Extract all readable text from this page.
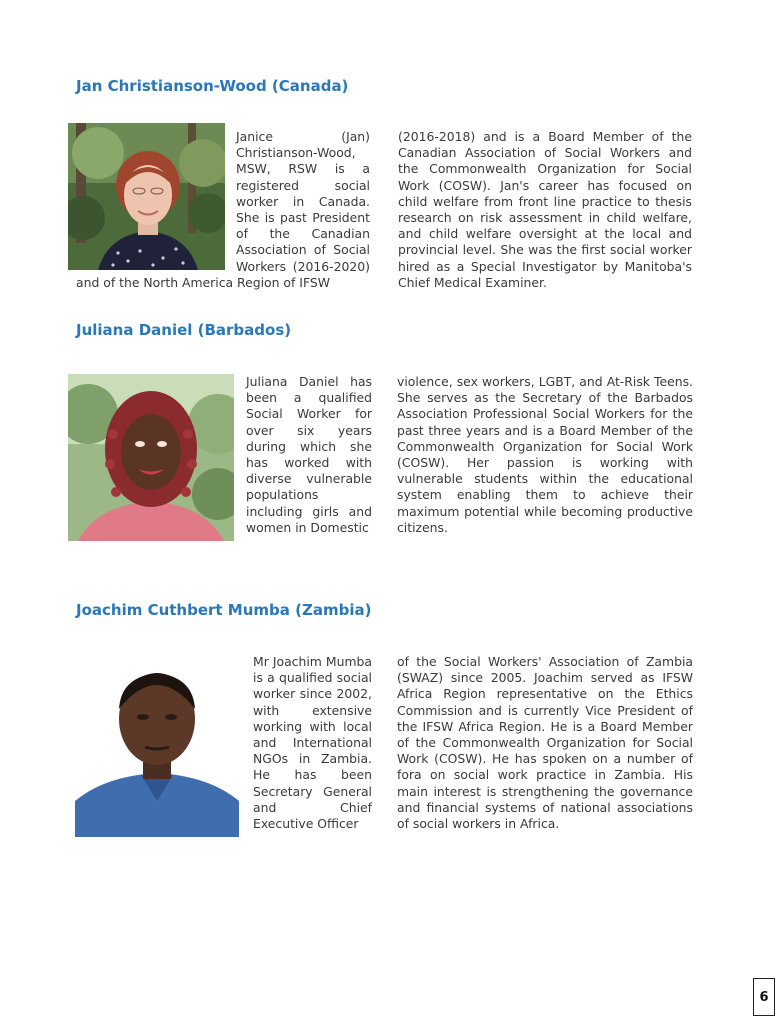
Jan Christianson-Wood (Canada)
Janice (Jan) Christianson-Wood, MSW, RSW is a registered social worker in Canada. She is past President of the Canadian Association of Social Workers (2016-2020) and of the North America Region of IFSW

(2016-2018) and is a Board Member of the Canadian Association of Social Workers and the Commonwealth Organization for Social Work (COSW). Jan's career has focused on child welfare from front line practice to thesis research on risk assessment in child welfare, and child welfare oversight at the local and provincial level. She was the first social worker hired as a Special Investigator by Manitoba's Chief Medical Examiner.

Juliana Daniel (Barbados)
Juliana Daniel has been a qualified Social Worker for over six years during which she has worked with diverse vulnerable populations including girls and women in Domestic

violence, sex workers, LGBT, and At-Risk Teens. She serves as the Secretary of the Barbados Association Professional Social Workers for the past three years and is a Board Member of the Commonwealth Organization for Social Work (COSW). Her passion is working with vulnerable students within the educational system enabling them to achieve their maximum potential while becoming productive citizens.

Joachim Cuthbert Mumba (Zambia)
Mr Joachim Mumba is a qualified social worker since 2002, with extensive working with local and International NGOs in Zambia. He has been Secretary General and Chief Executive Officer

of the Social Workers' Association of Zambia (SWAZ) since 2005. Joachim served as IFSW Africa Region representative on the Ethics Commission and is currently Vice President of the IFSW Africa Region. He is a Board Member of the Commonwealth Organization for Social Work (COSW). He has spoken on a number of fora on social work practice in Zambia. His main interest is strengthening the governance and financial systems of national associations of social workers in Africa.

6
